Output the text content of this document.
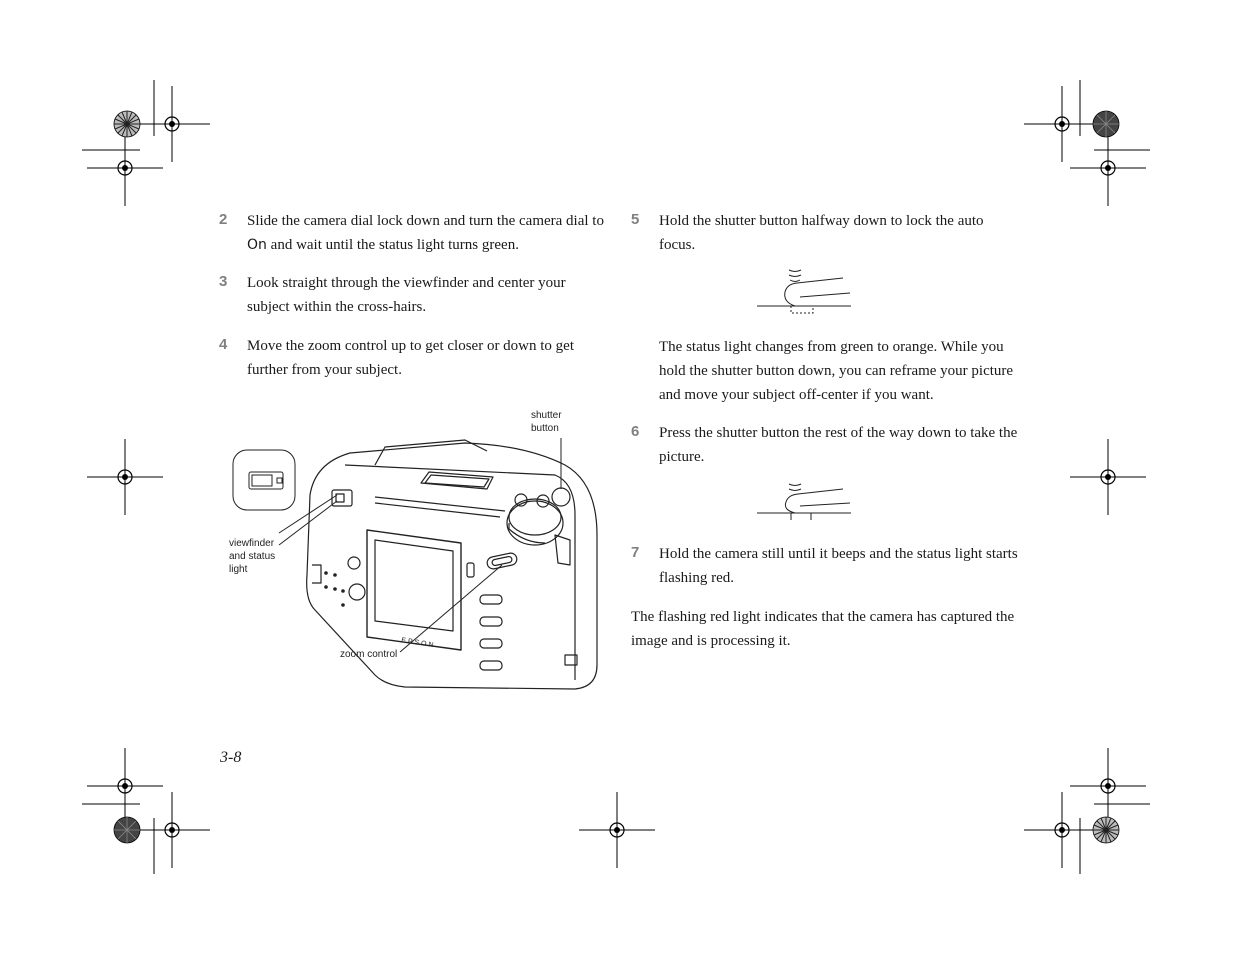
2 Slide the camera dial lock down and turn the camera dial to On and wait until the status light turns green.
3 Look straight through the viewfinder and center your subject within the cross-hairs.
4 Move the zoom control up to get closer or down to get further from your subject.
EPSON
shutter
button
viewfinder
and status
light
zoom control
5 Hold the shutter button halfway down to lock the auto focus.
The status light changes from green to orange. While you hold the shutter button down, you can reframe your picture and move your subject off-center if you want.
6 Press the shutter button the rest of the way down to take the picture.
7 Hold the camera still until it beeps and the status light starts flashing red.
The flashing red light indicates that the camera has captured the image and is processing it.
3-8
